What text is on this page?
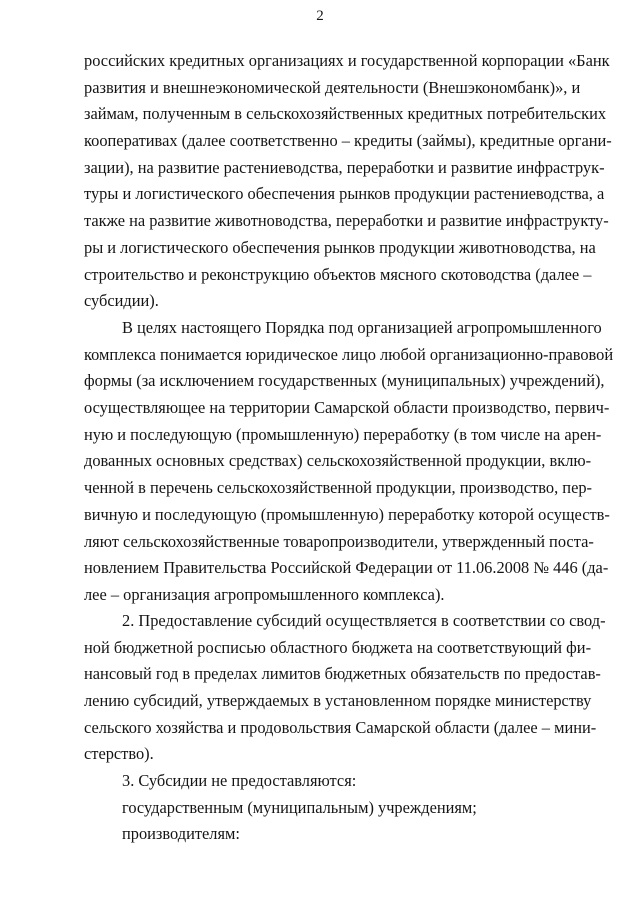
2
российских кредитных организациях и государственной корпорации «Банк
развития и внешнеэкономической деятельности (Внешэкономбанк)», и
займам, полученным в сельскохозяйственных кредитных потребительских
кооперативах (далее соответственно – кредиты (займы), кредитные органи-
зации), на развитие растениеводства, переработки и развитие инфраструк-
туры и логистического обеспечения рынков продукции растениеводства, а
также на развитие животноводства, переработки и развитие инфраструкту-
ры и логистического обеспечения рынков продукции животноводства, на
строительство и реконструкцию объектов мясного скотоводства (далее –
субсидии).
В целях настоящего Порядка под организацией агропромышленного
комплекса понимается юридическое лицо любой организационно-правовой
формы (за исключением государственных (муниципальных) учреждений),
осуществляющее на территории Самарской области производство, первич-
ную и последующую (промышленную) переработку (в том числе на арен-
дованных основных средствах) сельскохозяйственной продукции, вклю-
ченной в перечень сельскохозяйственной продукции, производство, пер-
вичную и последующую (промышленную) переработку которой осуществ-
ляют сельскохозяйственные товаропроизводители, утвержденный поста-
новлением Правительства Российской Федерации от 11.06.2008 № 446 (да-
лее – организация агропромышленного комплекса).
2. Предоставление субсидий осуществляется в соответствии со свод-
ной бюджетной росписью областного бюджета на соответствующий фи-
нансовый год в пределах лимитов бюджетных обязательств по предостав-
лению субсидий, утверждаемых в установленном порядке министерству
сельского хозяйства и продовольствия Самарской области (далее – мини-
стерство).
3. Субсидии не предоставляются:
государственным (муниципальным) учреждениям;
производителям:
